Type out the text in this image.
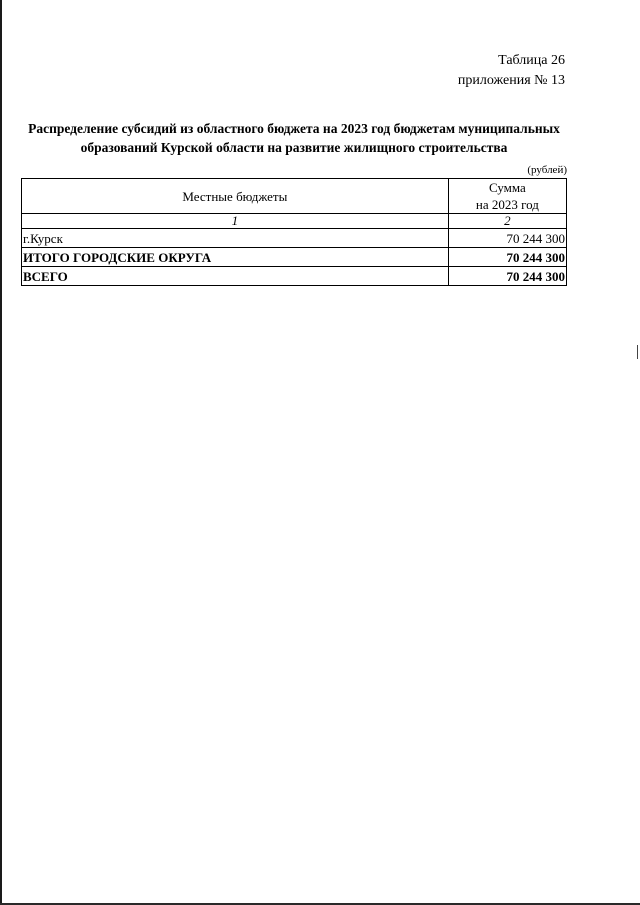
Таблица 26
приложения № 13
Распределение субсидий из областного бюджета на 2023 год бюджетам муниципальных
образований Курской области на развитие жилищного строительства
(рублей)
Местные бюджеты	Сумма
на 2023 год

1	2
г.Курск	70 244 300
ИТОГО ГОРОДСКИЕ ОКРУГА	70 244 300
ВСЕГО	70 244 300
